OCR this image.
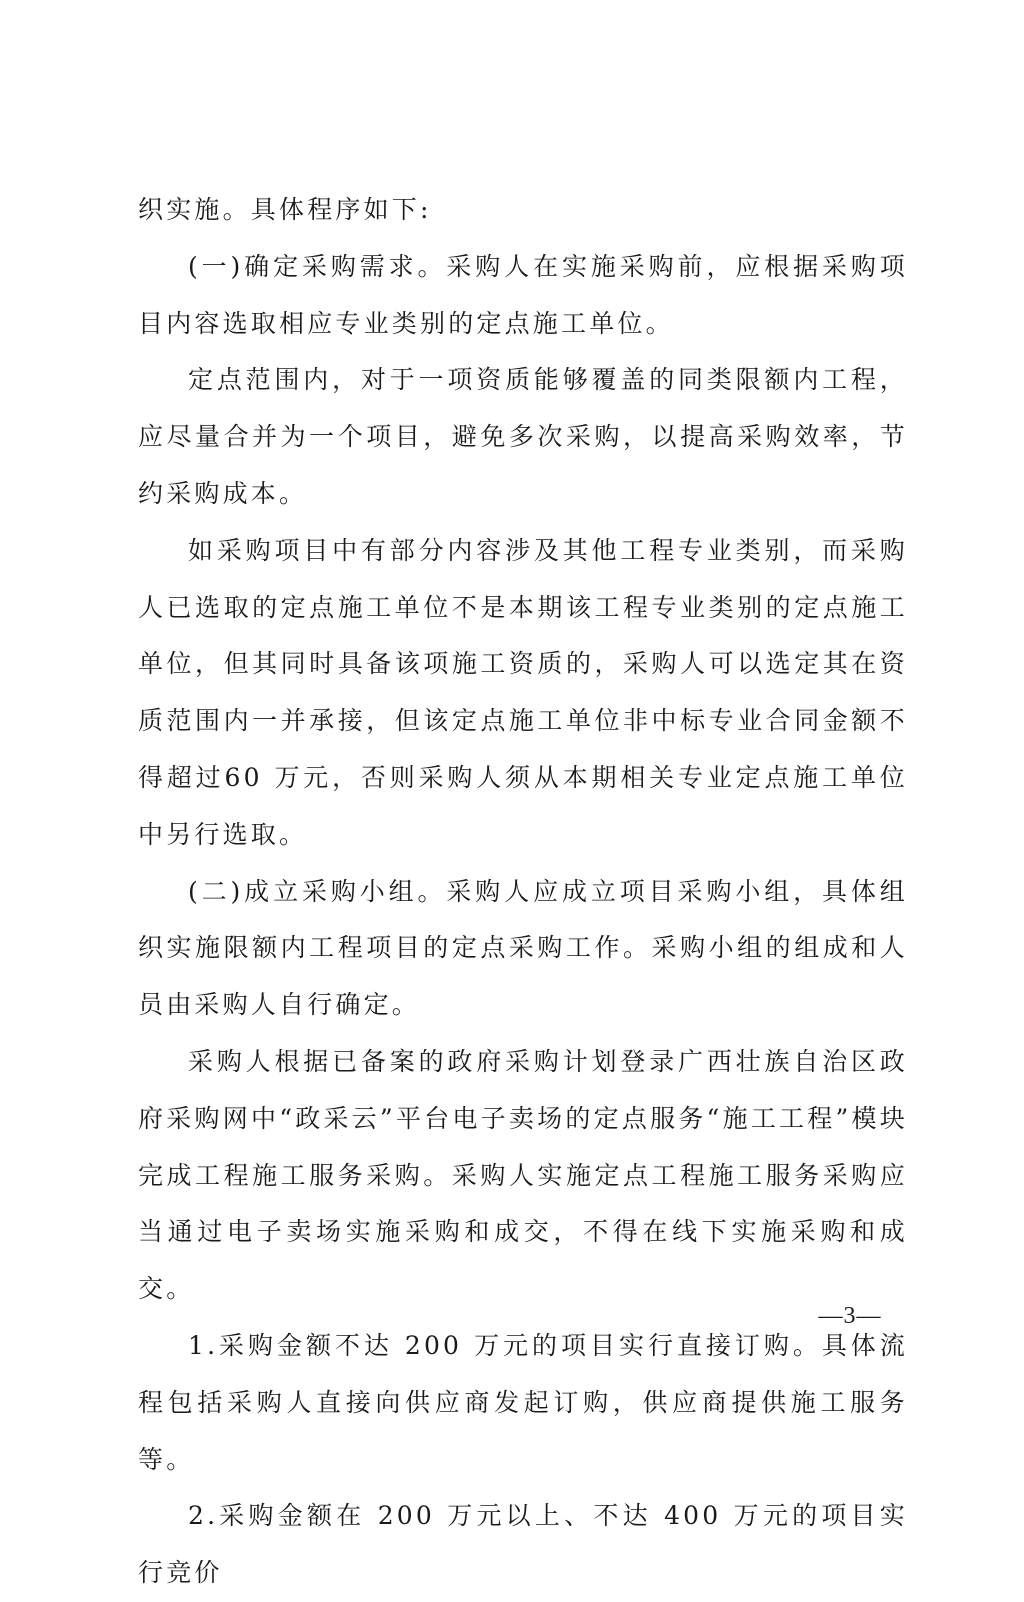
织实施。具体程序如下:

(一)确定采购需求。采购人在实施采购前，应根据采购项目内容选取相应专业类别的定点施工单位。

定点范围内，对于一项资质能够覆盖的同类限额内工程，应尽量合并为一个项目，避免多次采购，以提高采购效率，节约采购成本。

如采购项目中有部分内容涉及其他工程专业类别，而采购人已选取的定点施工单位不是本期该工程专业类别的定点施工单位，但其同时具备该项施工资质的，采购人可以选定其在资质范围内一并承接，但该定点施工单位非中标专业合同金额不得超过60 万元，否则采购人须从本期相关专业定点施工单位中另行选取。

(二)成立采购小组。采购人应成立项目采购小组，具体组织实施限额内工程项目的定点采购工作。采购小组的组成和人员由采购人自行确定。

采购人根据已备案的政府采购计划登录广西壮族自治区政府采购网中“政采云”平台电子卖场的定点服务“施工工程”模块完成工程施工服务采购。采购人实施定点工程施工服务采购应当通过电子卖场实施采购和成交，不得在线下实施采购和成交。

1.采购金额不达 200 万元的项目实行直接订购。具体流程包括采购人直接向供应商发起订购，供应商提供施工服务等。

2.采购金额在 200 万元以上、不达 400 万元的项目实行竞价

—3—
